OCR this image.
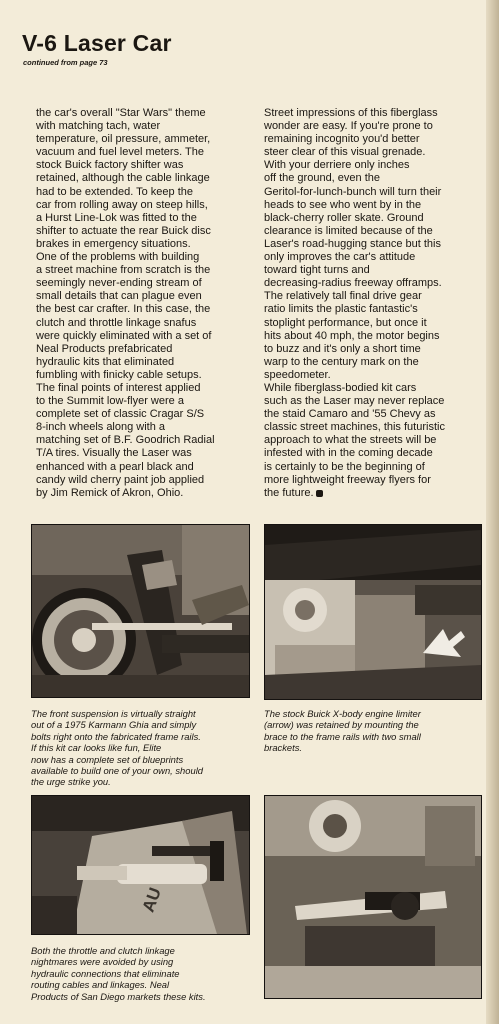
V-6 Laser Car

continued from page 73

the car's overall "Star Wars" theme
with matching tach, water
temperature, oil pressure, ammeter,
vacuum and fuel level meters. The
stock Buick factory shifter was
retained, although the cable linkage
had to be extended. To keep the
car from rolling away on steep hills,
a Hurst Line-Lok was fitted to the
shifter to actuate the rear Buick disc
brakes in emergency situations.

One of the problems with building
a street machine from scratch is the
seemingly never-ending stream of
small details that can plague even
the best car crafter. In this case, the
clutch and throttle linkage snafus
were quickly eliminated with a set of
Neal Products prefabricated
hydraulic kits that eliminated
fumbling with finicky cable setups.

The final points of interest applied
to the Summit low-flyer were a
complete set of classic Cragar S/S
8-inch wheels along with a
matching set of B.F. Goodrich Radial
T/A tires. Visually the Laser was
enhanced with a pearl black and
candy wild cherry paint job applied
by Jim Remick of Akron, Ohio.

Street impressions of this fiberglass
wonder are easy. If you're prone to
remaining incognito you'd better
steer clear of this visual grenade.
With your derriere only inches
off the ground, even the
Geritol-for-lunch-bunch will turn their
heads to see who went by in the
black-cherry roller skate. Ground
clearance is limited because of the
Laser's road-hugging stance but this
only improves the car's attitude
toward tight turns and
decreasing-radius freeway offramps.
The relatively tall final drive gear
ratio limits the plastic fantastic's
stoplight performance, but once it
hits about 40 mph, the motor begins
to buzz and it's only a short time
warp to the century mark on the
speedometer.

While fiberglass-bodied kit cars
such as the Laser may never replace
the staid Camaro and '55 Chevy as
classic street machines, this futuristic
approach to what the streets will be
infested with in the coming decade
is certainly to be the beginning of
more lightweight freeway flyers for
the future.

The front suspension is virtually straight
out of a 1975 Karmann Ghia and simply
bolts right onto the fabricated frame rails.
If this kit car looks like fun, Elite
now has a complete set of blueprints
available to build one of your own, should
the urge strike you.

The stock Buick X-body engine limiter
(arrow) was retained by mounting the
brace to the frame rails with two small
brackets.

AU

Both the throttle and clutch linkage
nightmares were avoided by using
hydraulic connections that eliminate
routing cables and linkages. Neal
Products of San Diego markets these kits.
